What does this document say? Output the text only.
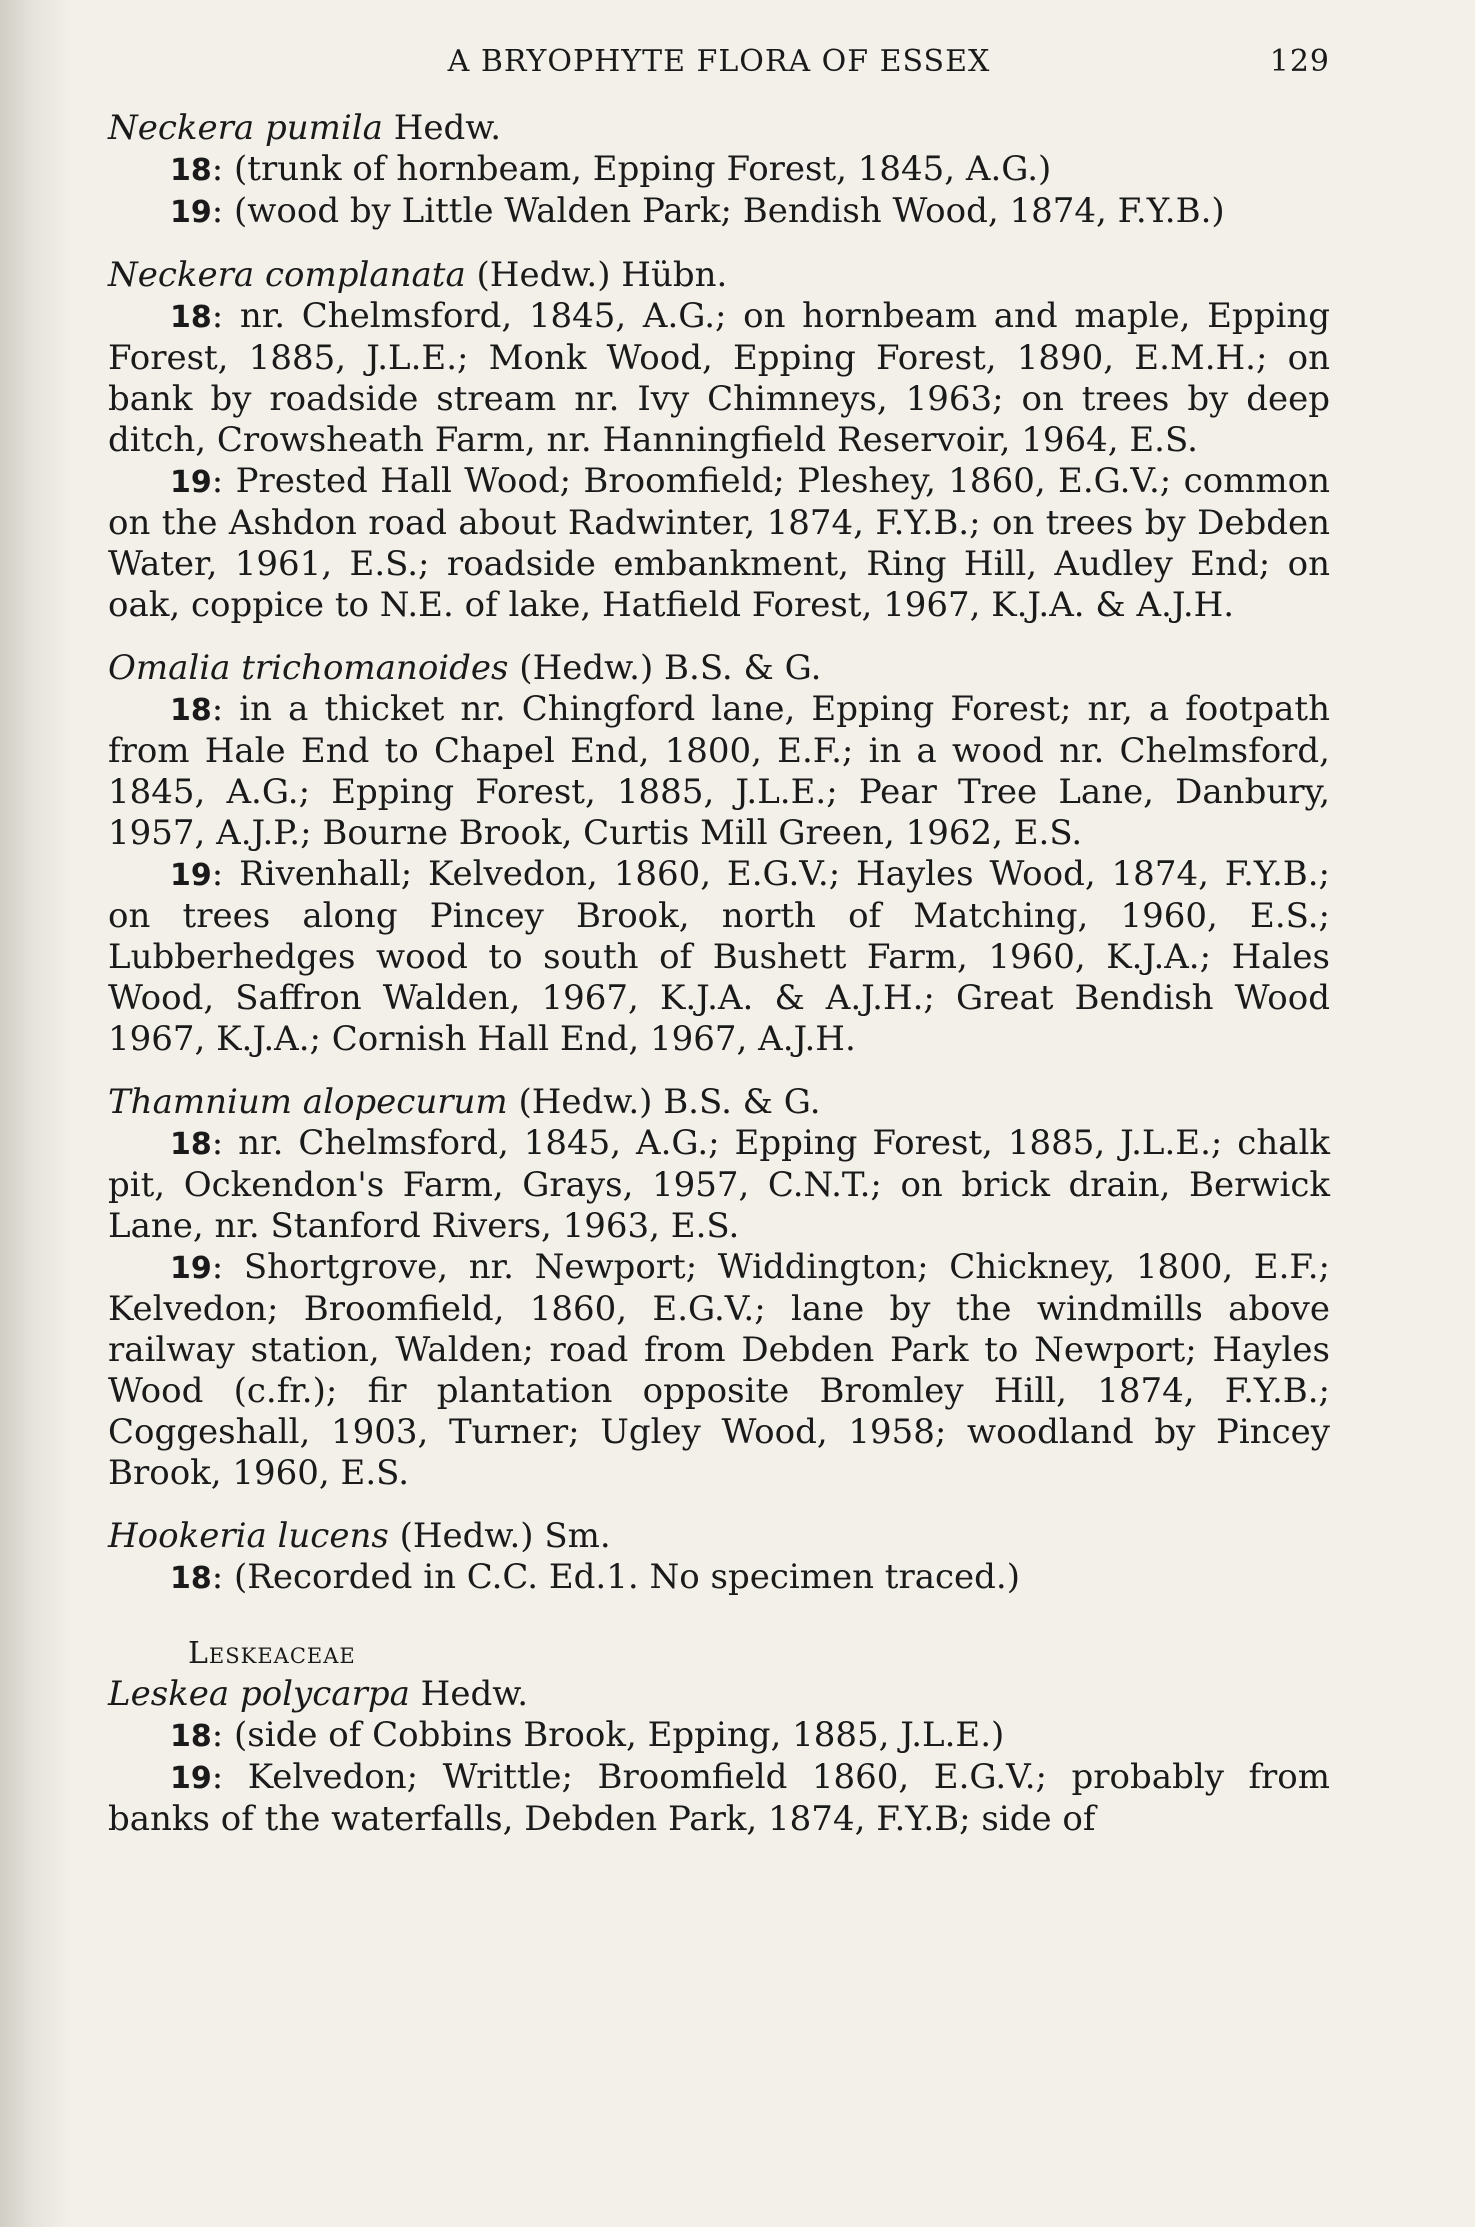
A BRYOPHYTE FLORA OF ESSEX	129

Neckera pumila Hedw.

18: (trunk of hornbeam, Epping Forest, 1845, A.G.)

19: (wood by Little Walden Park; Bendish Wood, 1874, F.Y.B.)

Neckera complanata (Hedw.) Hübn.

18: nr. Chelmsford, 1845, A.G.; on hornbeam and maple, Epping Forest, 1885, J.L.E.; Monk Wood, Epping Forest, 1890, E.M.H.; on bank by roadside stream nr. Ivy Chimneys, 1963; on trees by deep ditch, Crowsheath Farm, nr. Hanningfield Reservoir, 1964, E.S.

19: Prested Hall Wood; Broomfield; Pleshey, 1860, E.G.V.; common on the Ashdon road about Radwinter, 1874, F.Y.B.; on trees by Debden Water, 1961, E.S.; roadside embankment, Ring Hill, Audley End; on oak, coppice to N.E. of lake, Hatfield Forest, 1967, K.J.A. & A.J.H.

Omalia trichomanoides (Hedw.) B.S. & G.

18: in a thicket nr. Chingford lane, Epping Forest; nr, a footpath from Hale End to Chapel End, 1800, E.F.; in a wood nr. Chelmsford, 1845, A.G.; Epping Forest, 1885, J.L.E.; Pear Tree Lane, Danbury, 1957, A.J.P.; Bourne Brook, Curtis Mill Green, 1962, E.S.

19: Rivenhall; Kelvedon, 1860, E.G.V.; Hayles Wood, 1874, F.Y.B.; on trees along Pincey Brook, north of Matching, 1960, E.S.; Lubberhedges wood to south of Bushett Farm, 1960, K.J.A.; Hales Wood, Saffron Walden, 1967, K.J.A. & A.J.H.; Great Bendish Wood 1967, K.J.A.; Cornish Hall End, 1967, A.J.H.

Thamnium alopecurum (Hedw.) B.S. & G.

18: nr. Chelmsford, 1845, A.G.; Epping Forest, 1885, J.L.E.; chalk pit, Ockendon's Farm, Grays, 1957, C.N.T.; on brick drain, Berwick Lane, nr. Stanford Rivers, 1963, E.S.

19: Shortgrove, nr. Newport; Widdington; Chickney, 1800, E.F.; Kelvedon; Broomfield, 1860, E.G.V.; lane by the windmills above railway station, Walden; road from Debden Park to Newport; Hayles Wood (c.fr.); fir plantation opposite Bromley Hill, 1874, F.Y.B.; Coggeshall, 1903, Turner; Ugley Wood, 1958; woodland by Pincey Brook, 1960, E.S.

Hookeria lucens (Hedw.) Sm.

18: (Recorded in C.C. Ed.1. No specimen traced.)

Leskeaceae

Leskea polycarpa Hedw.

18: (side of Cobbins Brook, Epping, 1885, J.L.E.)

19: Kelvedon; Writtle; Broomfield 1860, E.G.V.; probably from banks of the waterfalls, Debden Park, 1874, F.Y.B; side of
